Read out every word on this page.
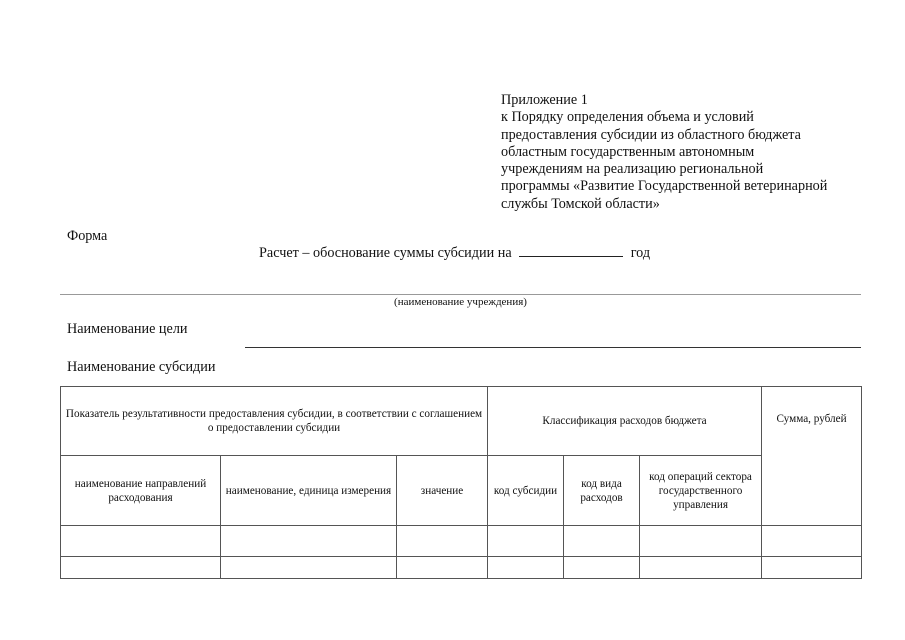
Приложение 1
к Порядку определения объема и условий
предоставления субсидии из областного бюджета
областным государственным автономным
учреждениям на реализацию региональной
программы «Развитие Государственной ветеринарной
службы Томской области»
Форма
Расчет – обоснование суммы субсидии на	год
(наименование учреждения)
Наименование цели
Наименование субсидии
Показатель результативности предоставления субсидии, в соответствии с соглашением о предоставлении субсидии			Классификация расходов бюджета			Сумма, рублей
наименование направлений расходования	наименование, единица измерения	значение	код субсидии	код вида расходов	код операций сектора государственного управления	
